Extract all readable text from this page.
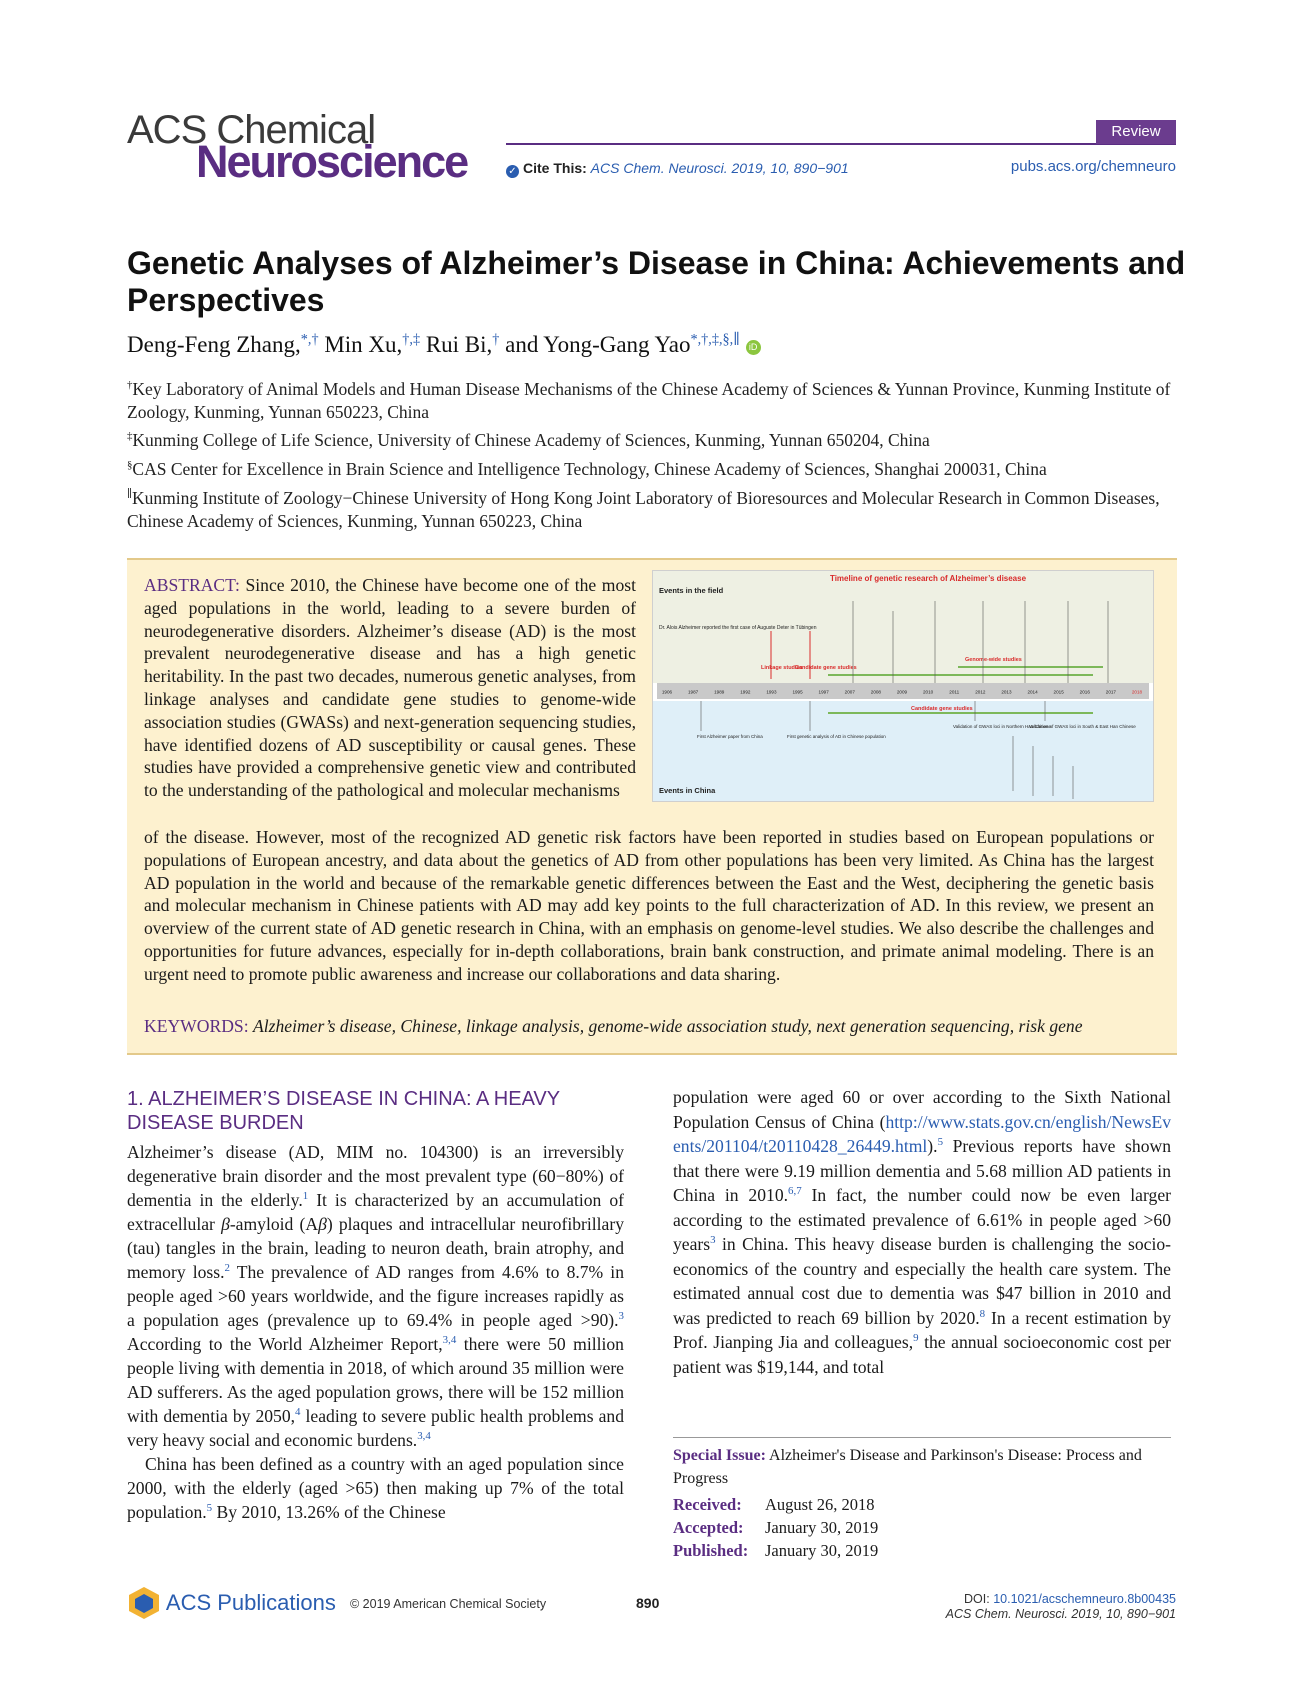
ACS Chemical
Neuroscience
Review
✓ Cite This: ACS Chem. Neurosci. 2019, 10, 890−901	pubs.acs.org/chemneuro
Genetic Analyses of Alzheimer’s Disease in China: Achievements and Perspectives
Deng-Feng Zhang,*,† Min Xu,†,‡ Rui Bi,† and Yong-Gang Yao*,†,‡,§,∥ iD
†Key Laboratory of Animal Models and Human Disease Mechanisms of the Chinese Academy of Sciences & Yunnan Province, Kunming Institute of Zoology, Kunming, Yunnan 650223, China
‡Kunming College of Life Science, University of Chinese Academy of Sciences, Kunming, Yunnan 650204, China
§CAS Center for Excellence in Brain Science and Intelligence Technology, Chinese Academy of Sciences, Shanghai 200031, China
∥Kunming Institute of Zoology−Chinese University of Hong Kong Joint Laboratory of Bioresources and Molecular Research in Common Diseases, Chinese Academy of Sciences, Kunming, Yunnan 650223, China
ABSTRACT: Since 2010, the Chinese have become one of the most aged populations in the world, leading to a severe burden of neurodegenerative disorders. Alzheimer’s disease (AD) is the most prevalent neurodegenerative disease and has a high genetic heritability. In the past two decades, numerous genetic analyses, from linkage analyses and candidate gene studies to genome-wide association studies (GWASs) and next-generation sequencing studies, have identified dozens of AD susceptibility or causal genes. These studies have provided a comprehensive genetic view and contributed to the understanding of the pathological and molecular mechanisms
of the disease. However, most of the recognized AD genetic risk factors have been reported in studies based on European populations or populations of European ancestry, and data about the genetics of AD from other populations has been very limited. As China has the largest AD population in the world and because of the remarkable genetic differences between the East and the West, deciphering the genetic basis and molecular mechanism in Chinese patients with AD may add key points to the full characterization of AD. In this review, we present an overview of the current state of AD genetic research in China, with an emphasis on genome-level studies. We also describe the challenges and opportunities for future advances, especially for in-depth collaborations, brain bank construction, and primate animal modeling. There is an urgent need to promote public awareness and increase our collaborations and data sharing.
KEYWORDS: Alzheimer’s disease, Chinese, linkage analysis, genome-wide association study, next generation sequencing, risk gene
Timeline of genetic research of Alzheimer’s disease
Events in the field
Events in China
Dr. Alois Alzheimer reported the first case of Auguste Deter in Tübingen
Linkage studies
Candidate gene studies
Genome-wide studies
1906	1987	1989	1992	1993	1995	1997	2007	2008	2009	2010	2011	2012	2013	2014	2015	2016	2017	2018
Candidate gene studies
First Alzheimer paper from China	First genetic analysis of AD in Chinese population
Validation of GWAS loci in Northern Han Chinese
Validation of GWAS loci in South & East Han Chinese
1. ALZHEIMER’S DISEASE IN CHINA: A HEAVY DISEASE BURDEN

Alzheimer’s disease (AD, MIM no. 104300) is an irreversibly degenerative brain disorder and the most prevalent type (60−80%) of dementia in the elderly.$^1$ It is characterized by an accumulation of extracellular β-amyloid (Aβ) plaques and intracellular neurofibrillary (tau) tangles in the brain, leading to neuron death, brain atrophy, and memory loss.$^2$ The prevalence of AD ranges from 4.6% to 8.7% in people aged >60 years worldwide, and the figure increases rapidly as a population ages (prevalence up to 69.4% in people aged >90).$^3$ According to the World Alzheimer Report,$^{3,4}$ there were 50 million people living with dementia in 2018, of which around 35 million were AD sufferers. As the aged population grows, there will be 152 million with dementia by 2050,$^4$ leading to severe public health problems and very heavy social and economic burdens.$^{3,4}$

China has been defined as a country with an aged population since 2000, with the elderly (aged >65) then making up 7% of the total population.$^5$ By 2010, 13.26% of the Chinese

population were aged 60 or over according to the Sixth National Population Census of China (http://www.stats.gov.cn/english/NewsEvents/201104/t20110428_26449.html).$^5$ Previous reports have shown that there were 9.19 million dementia and 5.68 million AD patients in China in 2010.$^{6,7}$ In fact, the number could now be even larger according to the estimated prevalence of 6.61% in people aged >60 years$^3$ in China. This heavy disease burden is challenging the socio-economics of the country and especially the health care system. The estimated annual cost due to dementia was $47 billion in 2010 and was predicted to reach 69 billion by 2020.$^8$ In a recent estimation by Prof. Jianping Jia and colleagues,$^9$ the annual socioeconomic cost per patient was $19,144, and total
Special Issue: Alzheimer's Disease and Parkinson's Disease: Process and Progress
Received: August 26, 2018
Accepted: January 30, 2019
Published: January 30, 2019
ACS Publications © 2019 American Chemical Society	890	DOI: 10.1021/acschemneuro.8b00435
ACS Chem. Neurosci. 2019, 10, 890−901
